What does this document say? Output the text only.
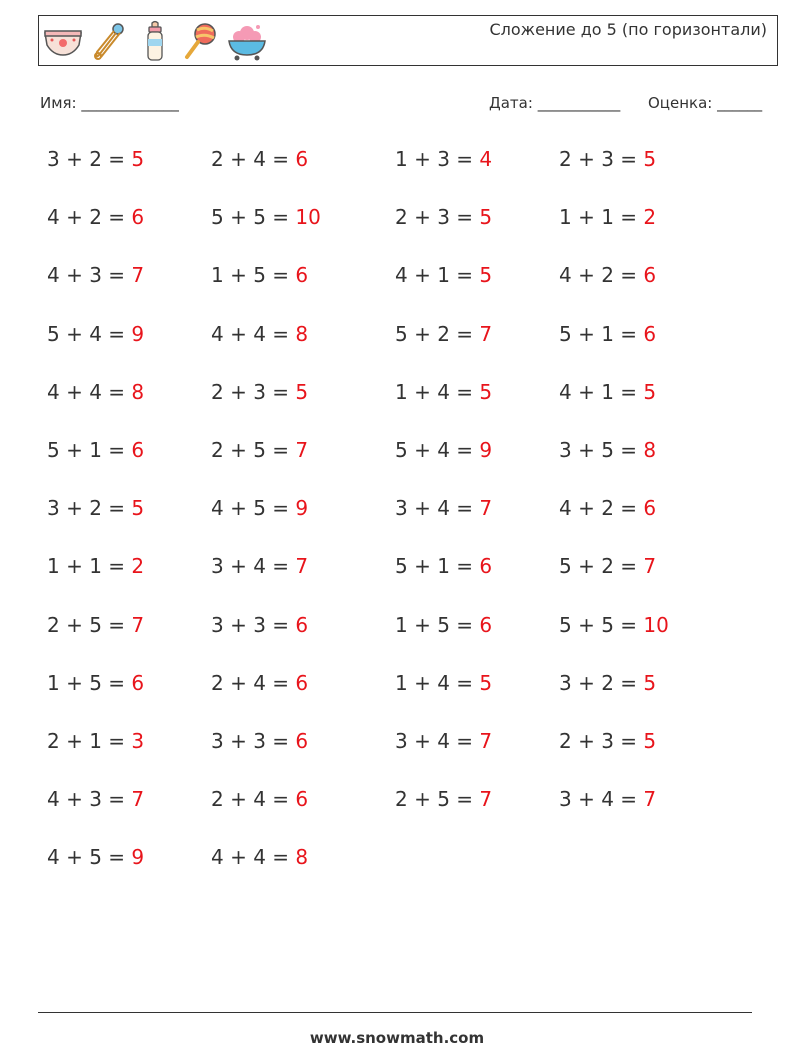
Сложение до 5 (по горизонтали)
Имя: _____________	Дата: ___________ Оценка: ______
3 + 2 = 5	2 + 4 = 6	1 + 3 = 4	2 + 3 = 5
4 + 2 = 6	5 + 5 = 10	2 + 3 = 5	1 + 1 = 2
4 + 3 = 7	1 + 5 = 6	4 + 1 = 5	4 + 2 = 6
5 + 4 = 9	4 + 4 = 8	5 + 2 = 7	5 + 1 = 6
4 + 4 = 8	2 + 3 = 5	1 + 4 = 5	4 + 1 = 5
5 + 1 = 6	2 + 5 = 7	5 + 4 = 9	3 + 5 = 8
3 + 2 = 5	4 + 5 = 9	3 + 4 = 7	4 + 2 = 6
1 + 1 = 2	3 + 4 = 7	5 + 1 = 6	5 + 2 = 7
2 + 5 = 7	3 + 3 = 6	1 + 5 = 6	5 + 5 = 10
1 + 5 = 6	2 + 4 = 6	1 + 4 = 5	3 + 2 = 5
2 + 1 = 3	3 + 3 = 6	3 + 4 = 7	2 + 3 = 5
4 + 3 = 7	2 + 4 = 6	2 + 5 = 7	3 + 4 = 7
4 + 5 = 9	4 + 4 = 8
www.snowmath.com
